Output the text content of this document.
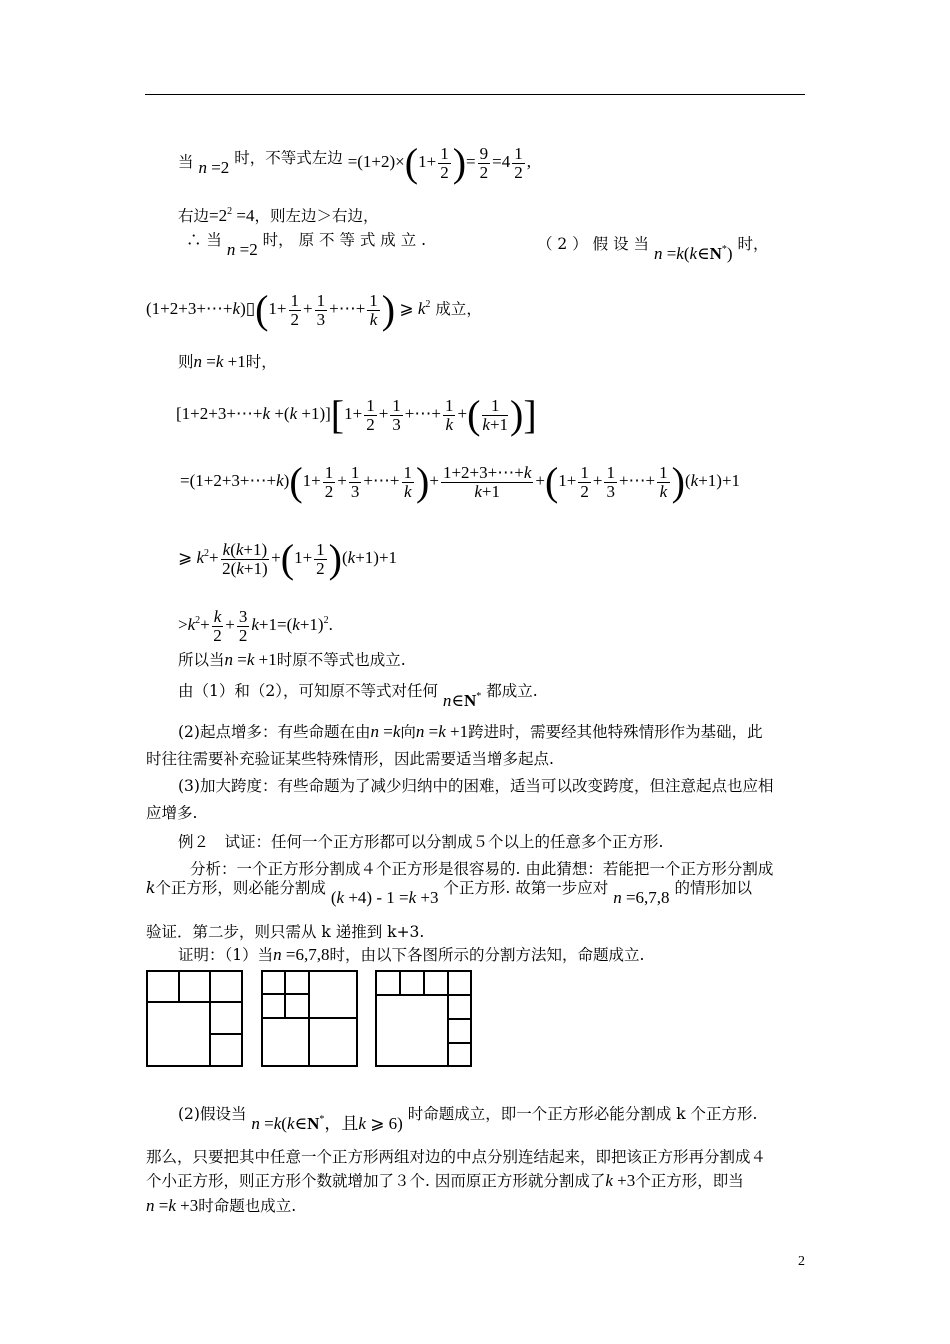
当 n =2 时，不等式左边 $=(1+2)\times(1+ \frac{1}{2}$ )= $\frac{9}{2} =4 \frac{1}{2}$ ,
右边$=2^2 =4$，则左边＞右边，
∴ 当 n =2 时， 原 不 等 式 成 立 .	（ 2 ） 假 设 当 n =k(k∈N*) 时，
(1+2+3+⋯+k)▯(1+ $\frac{1}{2} + \frac{1}{3}$ +⋯+ $\frac{1}{k}$ ) ⩾ $k^2$ 成立，
则n =k +1时，
[1+2+3+⋯+k $+(k +1)][1+ \frac{1}{2} + \frac{1}{3}$ +⋯+ $\frac{1}{k}$ +( $\frac{1}{k+1}$ )]
=(1+2+3+⋯+k)(1+ $\frac{1}{2} + \frac{1}{3}$ +⋯+ $\frac{1}{k}$ )+ $\frac{1+2+3+\cdots+k}{k+1} +(1+ \frac{1}{2} + \frac{1}{3}$ +⋯+ $\frac{1}{k} )(k+1)+1$
⩾ $k^2+ \frac{k(k+1)}{2(k+1)} +(1+ \frac{1}{2} )(k+1)+1$
$>k^2+ \frac{k}{2} + \frac{3}{2} k+1=(k+1)^2$.
所以当n =k +1时原不等式也成立.
由（1）和（2），可知原不等式对任何 n∈N* 都成立.
(2)起点增多：有些命题在由n =k向n =k +1跨进时，需要经其他特殊情形作为基础，此
时往往需要补充验证某些特殊情形，因此需要适当增多起点.
(3)加大跨度：有些命题为了减少归纳中的困难，适当可以改变跨度，但注意起点也应相
应增多.
例２　试证：任何一个正方形都可以分割成５个以上的任意多个正方形.
分析：一个正方形分割成４个正方形是很容易的. 由此猜想：若能把一个正方形分割成
k个正方形，则必能分割成 (k +4) - 1 =k +3 个正方形. 故第一步应对 n =6,7,8 的情形加以
验证．第二步，则只需从 k 递推到 k+3.
证明：（1）当n =6,7,8时，由以下各图所示的分割方法知，命题成立.
(2)假设当 n =k(k∈N*，且k ⩾ 6) 时命题成立，即一个正方形必能分割成 k 个正方形.
那么，只要把其中任意一个正方形两组对边的中点分别连结起来，即把该正方形再分割成４
个小正方形，则正方形个数就增加了３个. 因而原正方形就分割成了k +3个正方形，即当
n =k +3时命题也成立.
2
